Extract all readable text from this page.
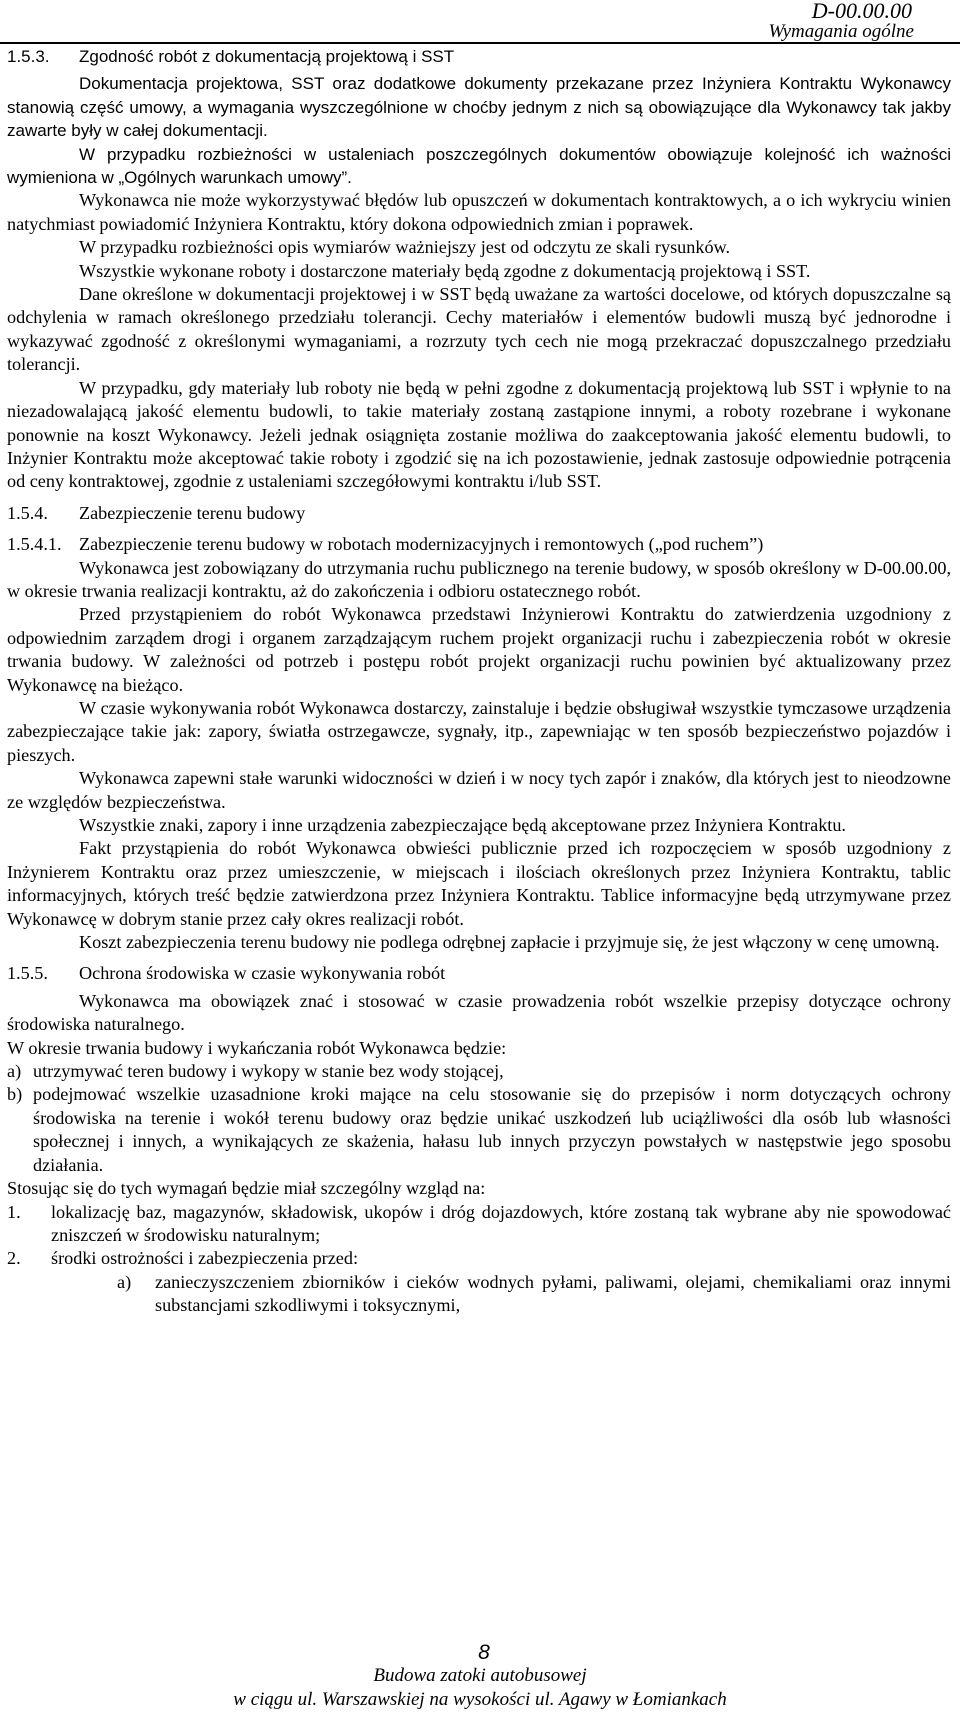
D-00.00.00
Wymagania ogólne
1.5.3.	Zgodność robót z dokumentacją projektową i SST

Dokumentacja projektowa, SST oraz dodatkowe dokumenty przekazane przez Inżyniera Kontraktu Wykonawcy stanowią część umowy, a wymagania wyszczególnione w choćby jednym z nich są obowiązujące dla Wykonawcy tak jakby zawarte były w całej dokumentacji.

W przypadku rozbieżności w ustaleniach poszczególnych dokumentów obowiązuje kolejność ich ważności wymieniona w „Ogólnych warunkach umowy”.

Wykonawca nie może wykorzystywać błędów lub opuszczeń w dokumentach kontraktowych, a o ich wykryciu winien natychmiast powiadomić Inżyniera Kontraktu, który dokona odpowiednich zmian i poprawek.

W przypadku rozbieżności opis wymiarów ważniejszy jest od odczytu ze skali rysunków.

Wszystkie wykonane roboty i dostarczone materiały będą zgodne z dokumentacją projektową i SST.

Dane określone w dokumentacji projektowej i w SST będą uważane za wartości docelowe, od których dopuszczalne są odchylenia w ramach określonego przedziału tolerancji. Cechy materiałów i elementów budowli muszą być jednorodne i wykazywać zgodność z określonymi wymaganiami, a rozrzuty tych cech nie mogą przekraczać dopuszczalnego przedziału tolerancji.

W przypadku, gdy materiały lub roboty nie będą w pełni zgodne z dokumentacją projektową lub SST i wpłynie to na niezadowalającą jakość elementu budowli, to takie materiały zostaną zastąpione innymi, a roboty rozebrane i wykonane ponownie na koszt Wykonawcy. Jeżeli jednak osiągnięta zostanie możliwa do zaakceptowania jakość elementu budowli, to Inżynier Kontraktu może akceptować takie roboty i zgodzić się na ich pozostawienie, jednak zastosuje odpowiednie potrącenia od ceny kontraktowej, zgodnie z ustaleniami szczegółowymi kontraktu i/lub SST.

1.5.4.	Zabezpieczenie terenu budowy
1.5.4.1. Zabezpieczenie terenu budowy w robotach modernizacyjnych i remontowych („pod ruchem”)

Wykonawca jest zobowiązany do utrzymania ruchu publicznego na terenie budowy, w sposób określony w D-00.00.00, w okresie trwania realizacji kontraktu, aż do zakończenia i odbioru ostatecznego robót.

Przed przystąpieniem do robót Wykonawca przedstawi Inżynierowi Kontraktu do zatwierdzenia uzgodniony z odpowiednim zarządem drogi i organem zarządzającym ruchem projekt organizacji ruchu i zabezpieczenia robót w okresie trwania budowy. W zależności od potrzeb i postępu robót projekt organizacji ruchu powinien być aktualizowany przez Wykonawcę na bieżąco.

W czasie wykonywania robót Wykonawca dostarczy, zainstaluje i będzie obsługiwał wszystkie tymczasowe urządzenia zabezpieczające takie jak: zapory, światła ostrzegawcze, sygnały, itp., zapewniając w ten sposób bezpieczeństwo pojazdów i pieszych.

Wykonawca zapewni stałe warunki widoczności w dzień i w nocy tych zapór i znaków, dla których jest to nieodzowne ze względów bezpieczeństwa.

Wszystkie znaki, zapory i inne urządzenia zabezpieczające będą akceptowane przez Inżyniera Kontraktu.

Fakt przystąpienia do robót Wykonawca obwieści publicznie przed ich rozpoczęciem w sposób uzgodniony z Inżynierem Kontraktu oraz przez umieszczenie, w miejscach i ilościach określonych przez Inżyniera Kontraktu, tablic informacyjnych, których treść będzie zatwierdzona przez Inżyniera Kontraktu. Tablice informacyjne będą utrzymywane przez Wykonawcę w dobrym stanie przez cały okres realizacji robót.

Koszt zabezpieczenia terenu budowy nie podlega odrębnej zapłacie i przyjmuje się, że jest włączony w cenę umowną.

1.5.5.	Ochrona środowiska w czasie wykonywania robót

Wykonawca ma obowiązek znać i stosować w czasie prowadzenia robót wszelkie przepisy dotyczące ochrony środowiska naturalnego.

W okresie trwania budowy i wykańczania robót Wykonawca będzie:

a) utrzymywać teren budowy i wykopy w stanie bez wody stojącej,
b) podejmować wszelkie uzasadnione kroki mające na celu stosowanie się do przepisów i norm dotyczących ochrony środowiska na terenie i wokół terenu budowy oraz będzie unikać uszkodzeń lub uciążliwości dla osób lub własności społecznej i innych, a wynikających ze skażenia, hałasu lub innych przyczyn powstałych w następstwie jego sposobu działania.

Stosując się do tych wymagań będzie miał szczególny wzgląd na:

1.	lokalizację baz, magazynów, składowisk, ukopów i dróg dojazdowych, które zostaną tak wybrane aby nie spowodować zniszczeń w środowisku naturalnym;
2.	środki ostrożności i zabezpieczenia przed:
a)	zanieczyszczeniem zbiorników i cieków wodnych pyłami, paliwami, olejami, chemikaliami oraz innymi substancjami szkodliwymi i toksycznymi,
8
Budowa zatoki autobusowej
w ciągu ul. Warszawskiej na wysokości ul. Agawy w Łomiankach
